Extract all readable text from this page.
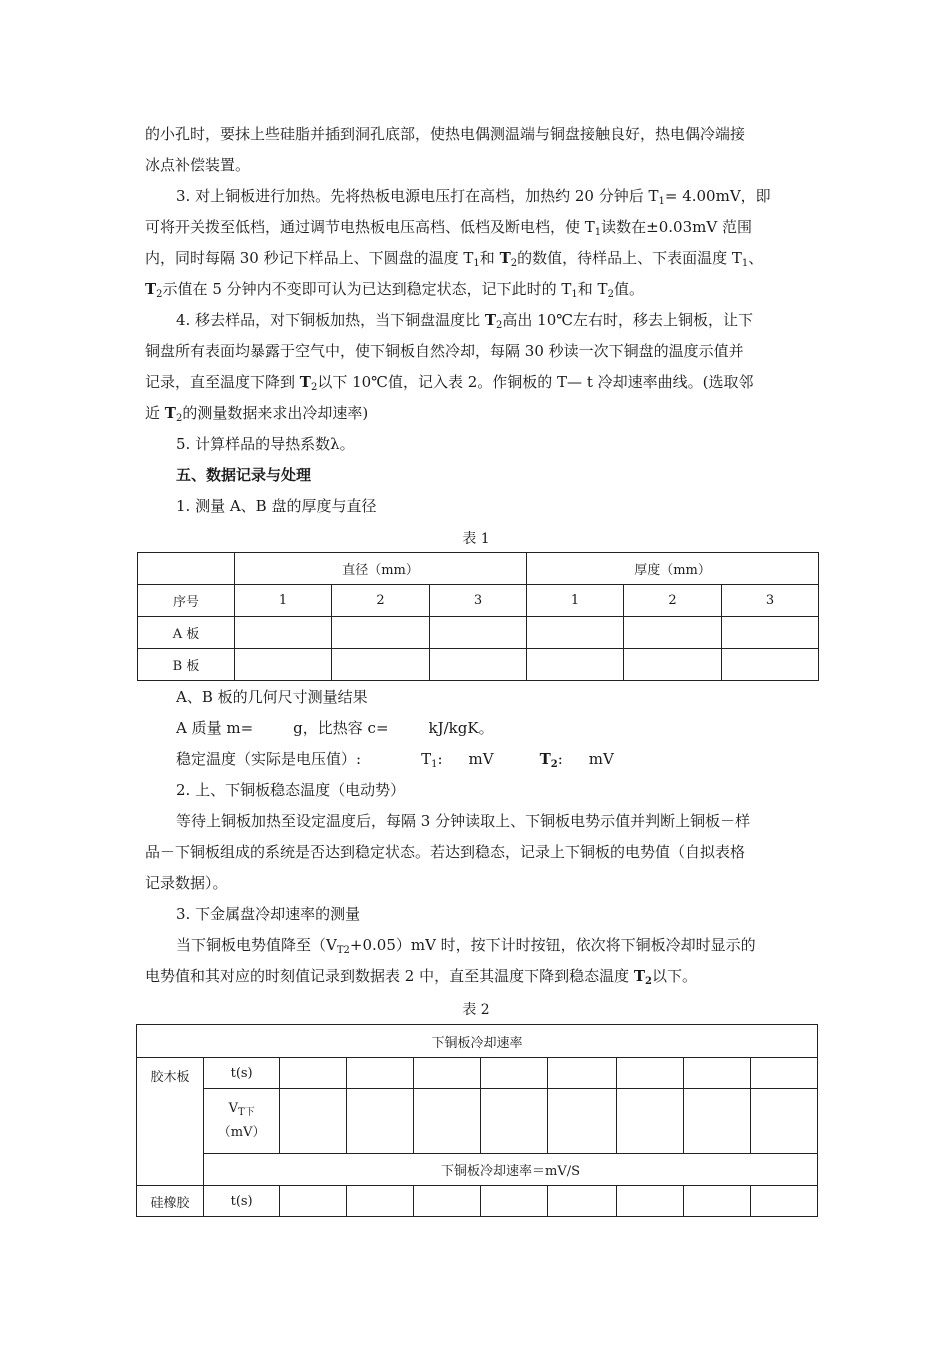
的小孔时，要抹上些硅脂并插到洞孔底部，使热电偶测温端与铜盘接触良好，热电偶冷端接
冰点补偿装置。
3. 对上铜板进行加热。先将热板电源电压打在高档，加热约 20 分钟后 $T_1= 4.00mV$，即
可将开关拨至低档，通过调节电热板电压高档、低档及断电档，使 $T_1$读数在±0.03mV 范围
内，同时每隔 30 秒记下样品上、下圆盘的温度 $T_1$和 $T_2$的数值，待样品上、下表面温度 $T_1$、
$T_2$示值在 5 分钟内不变即可认为已达到稳定状态，记下此时的 $T_1$和 $T_2$值。
4. 移去样品，对下铜板加热，当下铜盘温度比 $T_2$高出 10℃左右时，移去上铜板，让下
铜盘所有表面均暴露于空气中，使下铜板自然冷却，每隔 30 秒读一次下铜盘的温度示值并
记录，直至温度下降到 $T_2$以下 10℃值，记入表 2。作铜板的 T— t 冷却速率曲线。(选取邻
近 $T_2$的测量数据来求出冷却速率)
5. 计算样品的导热系数λ。
五、数据记录与处理
1. 测量 A、B 盘的厚度与直径
表 1
	直径（mm）			厚度（mm）		
序号	1	2	3	1	2	3
A 板						
B 板						
A、B 板的几何尺寸测量结果
A 质量 m=	g，比热容 c=	kJ/kgK。
稳定温度（实际是电压值）:	$T_1$: mV	$T_2$: mV
2. 上、下铜板稳态温度（电动势）
等待上铜板加热至设定温度后，每隔 3 分钟读取上、下铜板电势示值并判断上铜板－样
品－下铜板组成的系统是否达到稳定状态。若达到稳态，记录上下铜板的电势值（自拟表格
记录数据）。
3. 下金属盘冷却速率的测量
当下铜板电势值降至$(V_{T2}+0.05)mV$ 时，按下计时按钮，依次将下铜板冷却时显示的
电势值和其对应的时刻值记录到数据表 2 中，直至其温度下降到稳态温度 $T_2$以下。
表 2
下铜板冷却速率									
胶木板	t(s)								
	$V_{T下}$
（mV）								
	下铜板冷却速率＝mV/S								
硅橡胶	t(s)								
